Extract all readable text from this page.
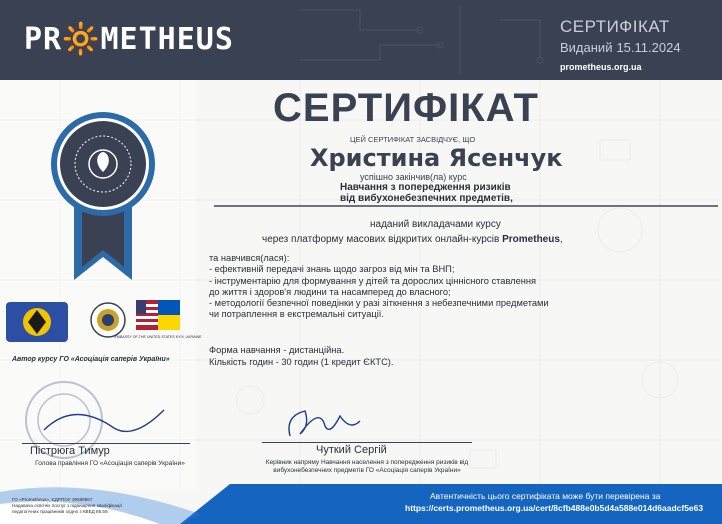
PR🔆METHEUS	СЕРТИФІКАТ
Виданий 15.11.2024
prometheus.org.ua
EMBASSY OF THE UNITED STATES KYIV, UKRAINE
Автор курсу ГО «Асоціація саперів України»
СЕРТИФІКАТ
ЦЕЙ СЕРТИФІКАТ ЗАСВІДЧУЄ, ЩО
Христина Ясенчук
успішно закінчив(ла) курс
Навчання з попередження ризиків
від вибухонебезпечних предметів,
наданий викладачами курсу
через платформу масових відкритих онлайн-курсів Prometheus,
та навчився(лася):
- ефективній передачі знань щодо загроз від мін та ВНП;
- інструментарію для формування у дітей та дорослих ціннісного ставлення
до життя і здоров'я людини та насамперед до власного;
- методології безпечної поведінки у разі зіткнення з небезпечними предметами
чи потраплення в екстремальні ситуації.
Форма навчання - дистанційна.
Кількість годин - 30 годин (1 кредит ЄКТС).
Пістрюга Тимур
Голова правління ГО «Асоціація саперів України»
Чуткий Сергій
Керівник напряму Навчання населення з попередження ризиків від вибухонебезпечних предметів ГО «Асоціація саперів України»
ГО «Prometheus», ЄДРПОУ 39599867
Надавача освітніх послуг з підвищення кваліфікації
педагогічних працівників згідно з КВЕД 85.59.
Автентичність цього сертифіката може бути перевірена за
https://certs.prometheus.org.ua/cert/8cfb488e0b5d4a588e014d6aadcf5e63
